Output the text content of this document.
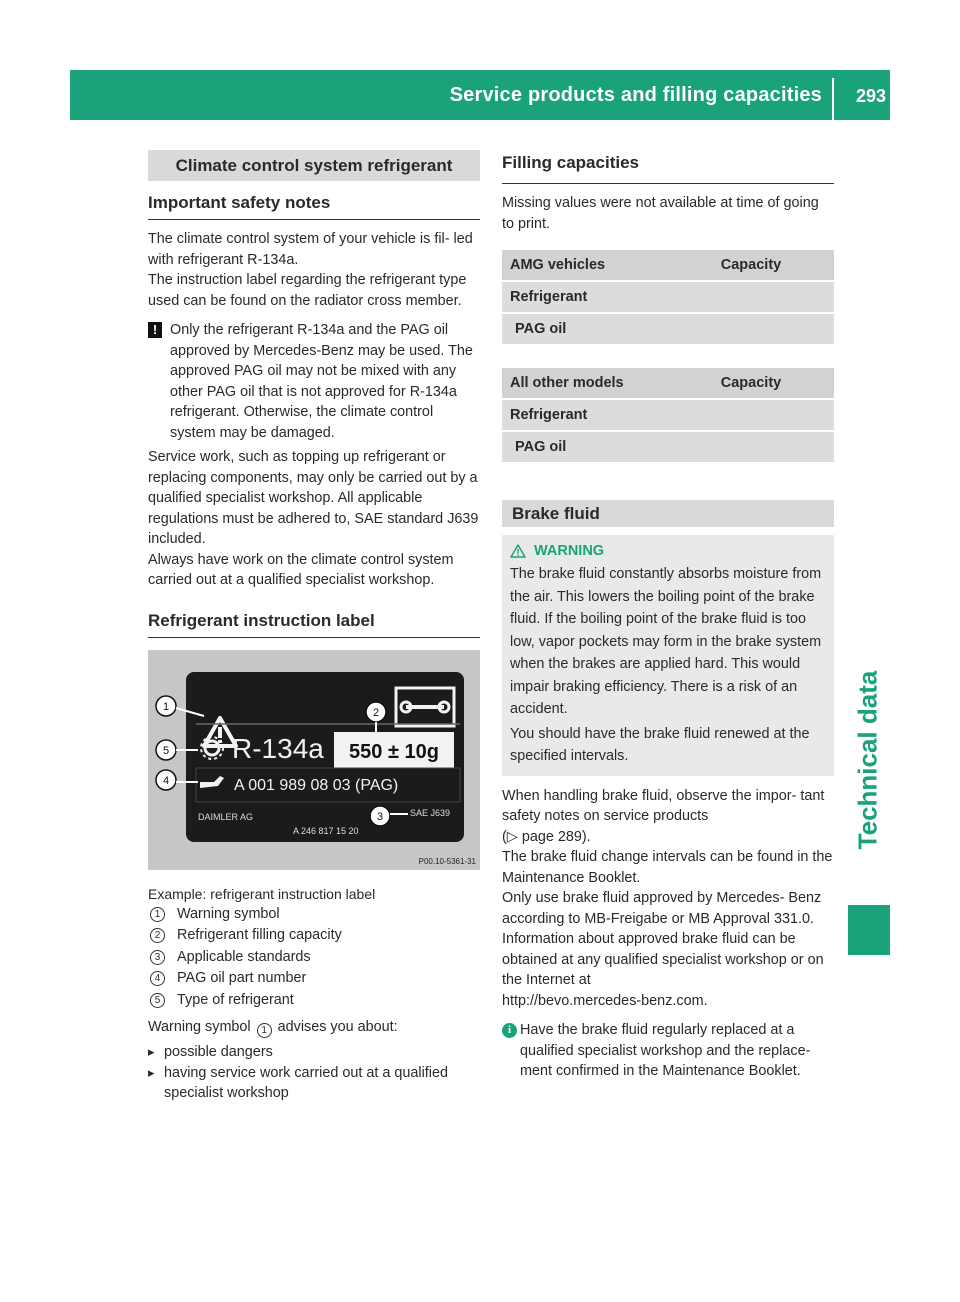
Service products and filling capacities 293
Technical data
Climate control system refrigerant
Important safety notes

The climate control system of your vehicle is fil- led with refrigerant R-134a.

The instruction label regarding the refrigerant type used can be found on the radiator cross member.

! Only the refrigerant R-134a and the PAG oil approved by Mercedes-Benz may be used. The approved PAG oil may not be mixed with any other PAG oil that is not approved for R-134a refrigerant. Otherwise, the climate control system may be damaged.

Service work, such as topping up refrigerant or replacing components, may only be carried out by a qualified specialist workshop. All applicable regulations must be adhered to, SAE standard J639 included.

Always have work on the climate control system carried out at a qualified specialist workshop.

Refrigerant instruction label
R-134a 550 ± 10g
A 001 989 08 03 (PAG)
DAIMLER AG
A 246 817 15 20
SAE J639
1	2
3
4
5
P00.10-5361-31
Example: refrigerant instruction label
1	Warning symbol
2	Refrigerant filling capacity
3	Applicable standards
4	PAG oil part number
5	Type of refrigerant

Warning symbol 1 advises you about:

▸ possible dangers
▸ having service work carried out at a qualified specialist workshop
Filling capacities

Missing values were not available at time of going to print.

AMG vehicles	Capacity
Refrigerant	
PAG oil	
All other models	Capacity
Refrigerant	
PAG oil	
Brake fluid
WARNING

The brake fluid constantly absorbs moisture from the air. This lowers the boiling point of the brake fluid. If the boiling point of the brake fluid is too low, vapor pockets may form in the brake system when the brakes are applied hard. This would impair braking efficiency. There is a risk of an accident.

You should have the brake fluid renewed at the specified intervals.

When handling brake fluid, observe the impor- tant safety notes on service products
(▷ page 289).

The brake fluid change intervals can be found in the Maintenance Booklet.

Only use brake fluid approved by Mercedes- Benz according to MB-Freigabe or MB Approval 331.0.

Information about approved brake fluid can be obtained at any qualified specialist workshop or on the Internet at
http://bevo.mercedes-benz.com.

i Have the brake fluid regularly replaced at a qualified specialist workshop and the replace- ment confirmed in the Maintenance Booklet.
